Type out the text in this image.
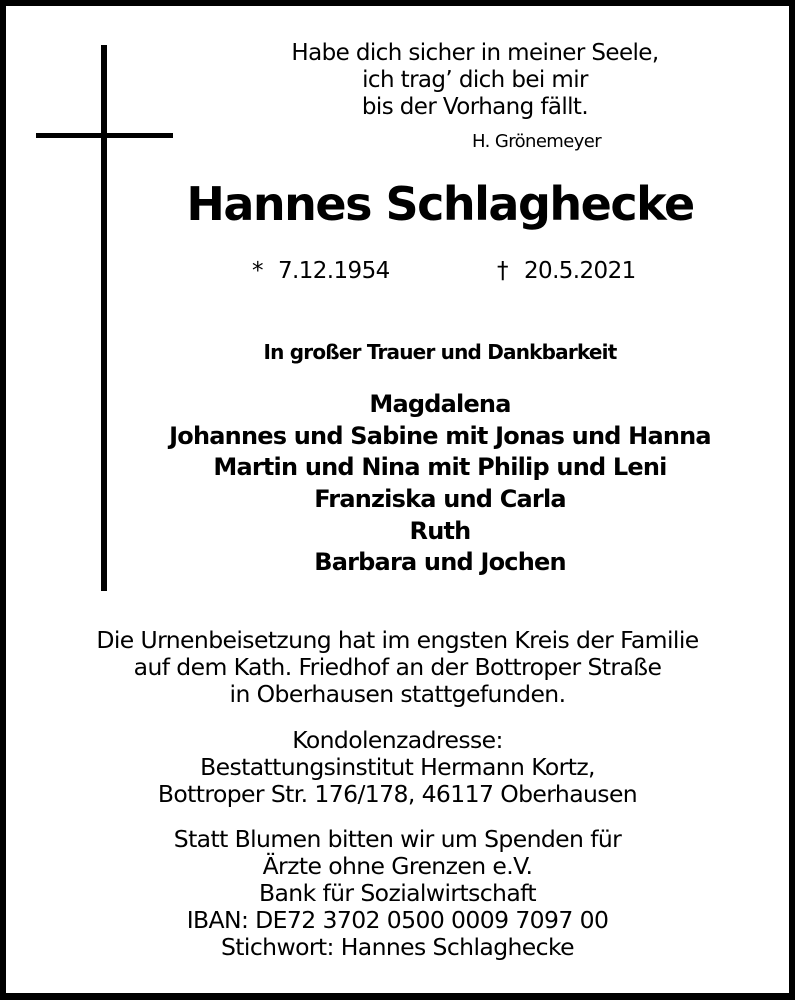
Habe dich sicher in meiner Seele,
ich trag’ dich bei mir
bis der Vorhang fällt.
H. Grönemeyer
Hannes Schlaghecke
* 7.12.1954	† 20.5.2021
In großer Trauer und Dankbarkeit
Magdalena
Johannes und Sabine mit Jonas und Hanna
Martin und Nina mit Philip und Leni
Franziska und Carla
Ruth
Barbara und Jochen
Die Urnenbeisetzung hat im engsten Kreis der Familie
auf dem Kath. Friedhof an der Bottroper Straße
in Oberhausen stattgefunden.
Kondolenzadresse:
Bestattungsinstitut Hermann Kortz,
Bottroper Str. 176/178, 46117 Oberhausen
Statt Blumen bitten wir um Spenden für
Ärzte ohne Grenzen e.V.
Bank für Sozialwirtschaft
IBAN: DE72 3702 0500 0009 7097 00
Stichwort: Hannes Schlaghecke
